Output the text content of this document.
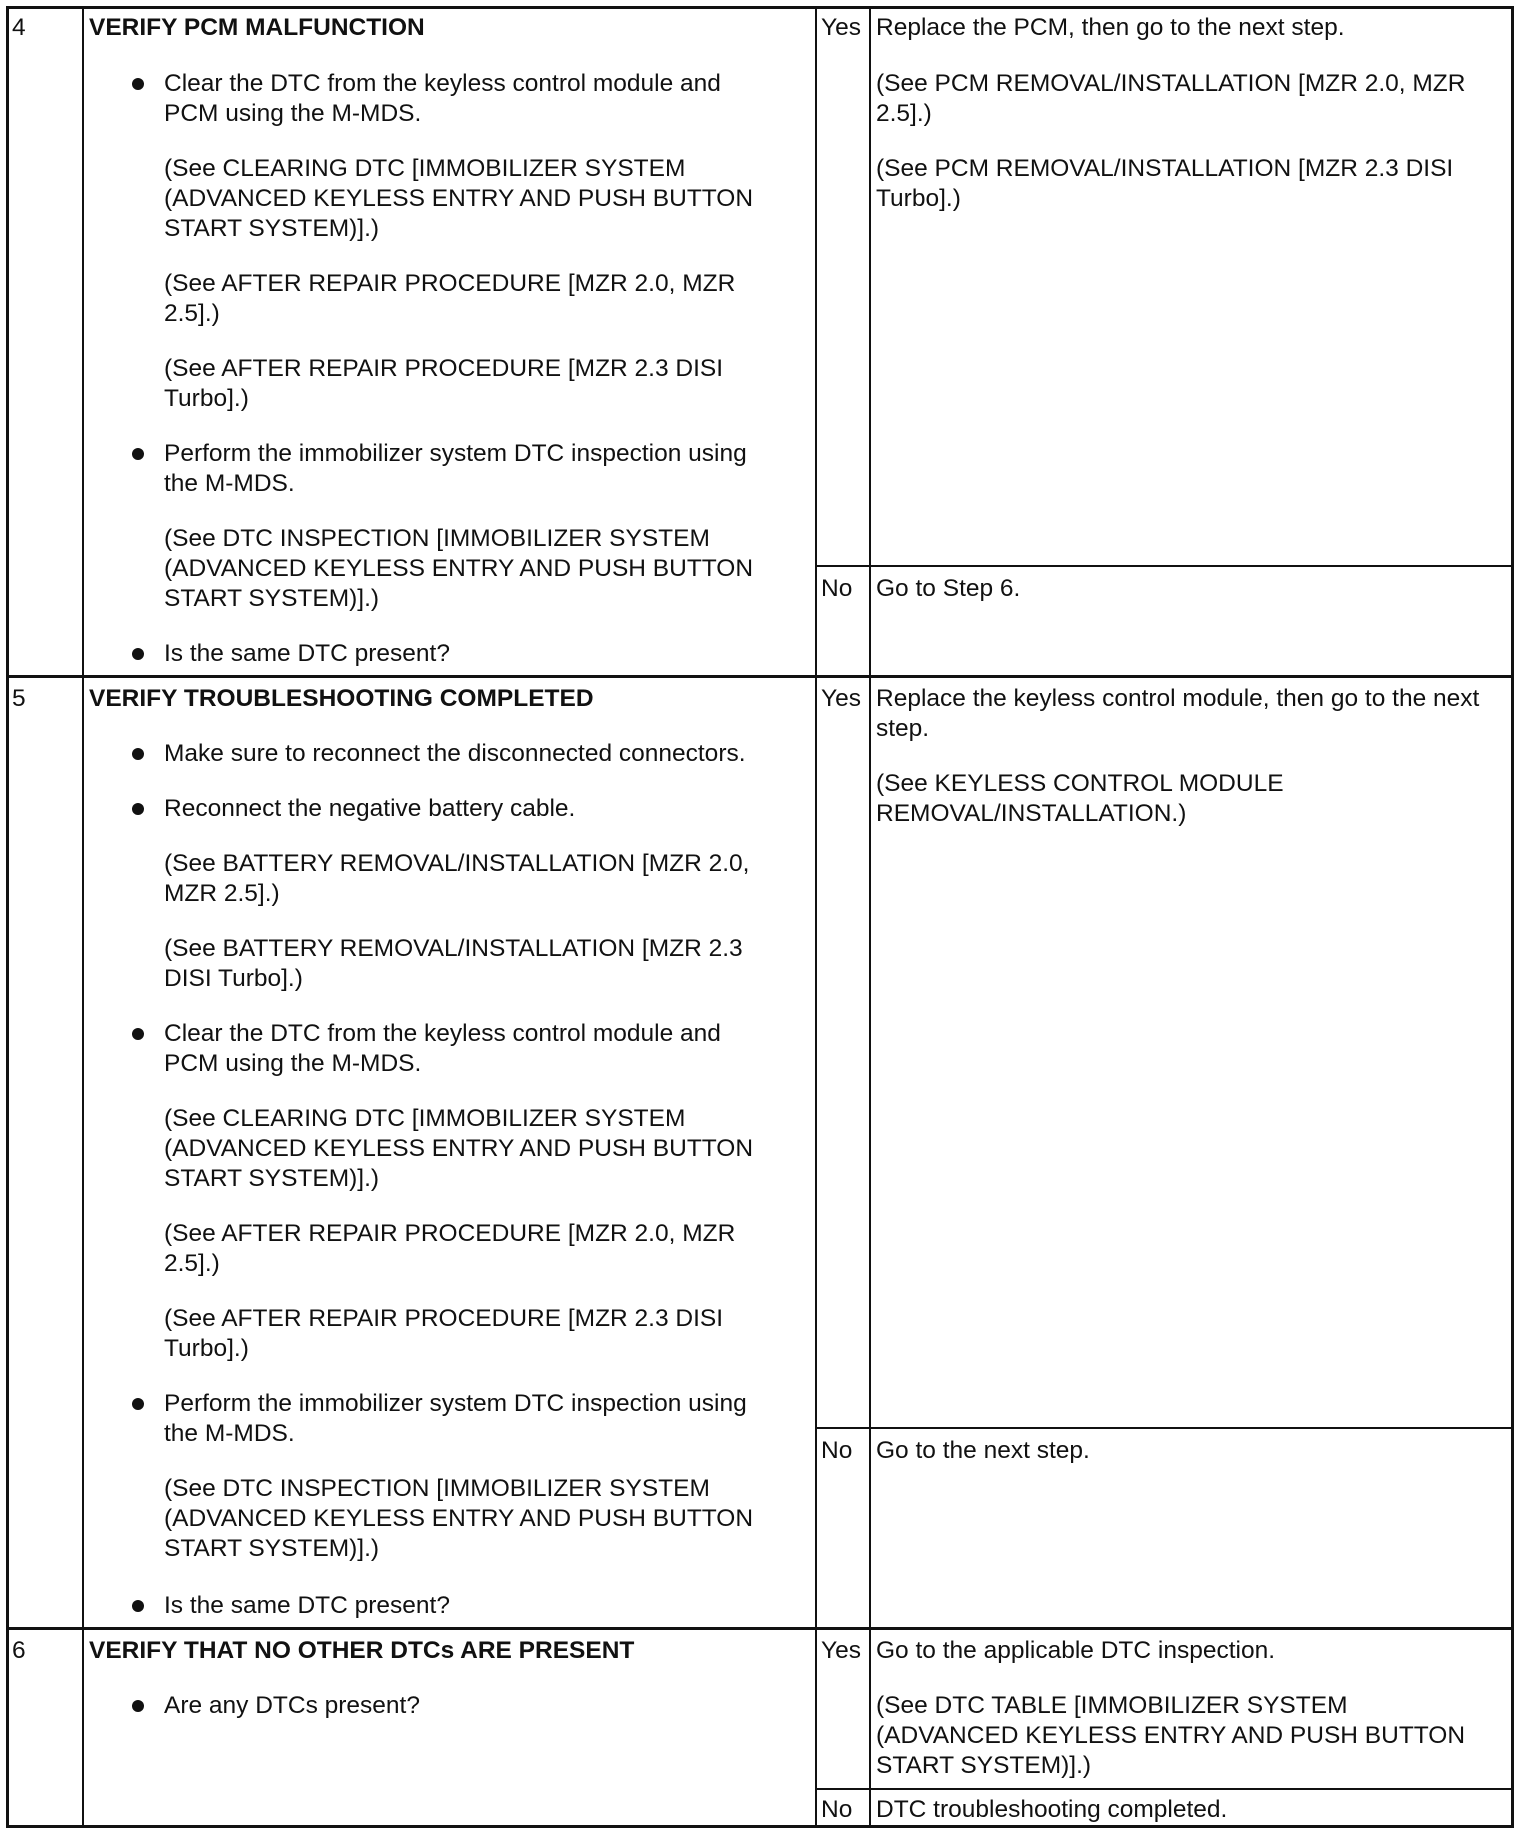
4	VERIFY PCM MALFUNCTION
Clear the DTC from the keyless control module and
PCM using the M-MDS.
(See CLEARING DTC [IMMOBILIZER SYSTEM
(ADVANCED KEYLESS ENTRY AND PUSH BUTTON
START SYSTEM)].)
(See AFTER REPAIR PROCEDURE [MZR 2.0, MZR
2.5].)
(See AFTER REPAIR PROCEDURE [MZR 2.3 DISI
Turbo].)
Perform the immobilizer system DTC inspection using
the M-MDS.
(See DTC INSPECTION [IMMOBILIZER SYSTEM
(ADVANCED KEYLESS ENTRY AND PUSH BUTTON
START SYSTEM)].)
Is the same DTC present?
Yes Replace the PCM, then go to the next step.
(See PCM REMOVAL/INSTALLATION [MZR 2.0, MZR
2.5].)
(See PCM REMOVAL/INSTALLATION [MZR 2.3 DISI
Turbo].)
No Go to Step 6.
5	VERIFY TROUBLESHOOTING COMPLETED
Make sure to reconnect the disconnected connectors.
Reconnect the negative battery cable.
(See BATTERY REMOVAL/INSTALLATION [MZR 2.0,
MZR 2.5].)
(See BATTERY REMOVAL/INSTALLATION [MZR 2.3
DISI Turbo].)
Clear the DTC from the keyless control module and
PCM using the M-MDS.
(See CLEARING DTC [IMMOBILIZER SYSTEM
(ADVANCED KEYLESS ENTRY AND PUSH BUTTON
START SYSTEM)].)
(See AFTER REPAIR PROCEDURE [MZR 2.0, MZR
2.5].)
(See AFTER REPAIR PROCEDURE [MZR 2.3 DISI
Turbo].)
Perform the immobilizer system DTC inspection using
the M-MDS.
(See DTC INSPECTION [IMMOBILIZER SYSTEM
(ADVANCED KEYLESS ENTRY AND PUSH BUTTON
START SYSTEM)].)
Is the same DTC present?
Yes Replace the keyless control module, then go to the next
step.
(See KEYLESS CONTROL MODULE
REMOVAL/INSTALLATION.)
No Go to the next step.
6	VERIFY THAT NO OTHER DTCs ARE PRESENT
Are any DTCs present?
Yes Go to the applicable DTC inspection.
(See DTC TABLE [IMMOBILIZER SYSTEM
(ADVANCED KEYLESS ENTRY AND PUSH BUTTON
START SYSTEM)].)
No DTC troubleshooting completed.
